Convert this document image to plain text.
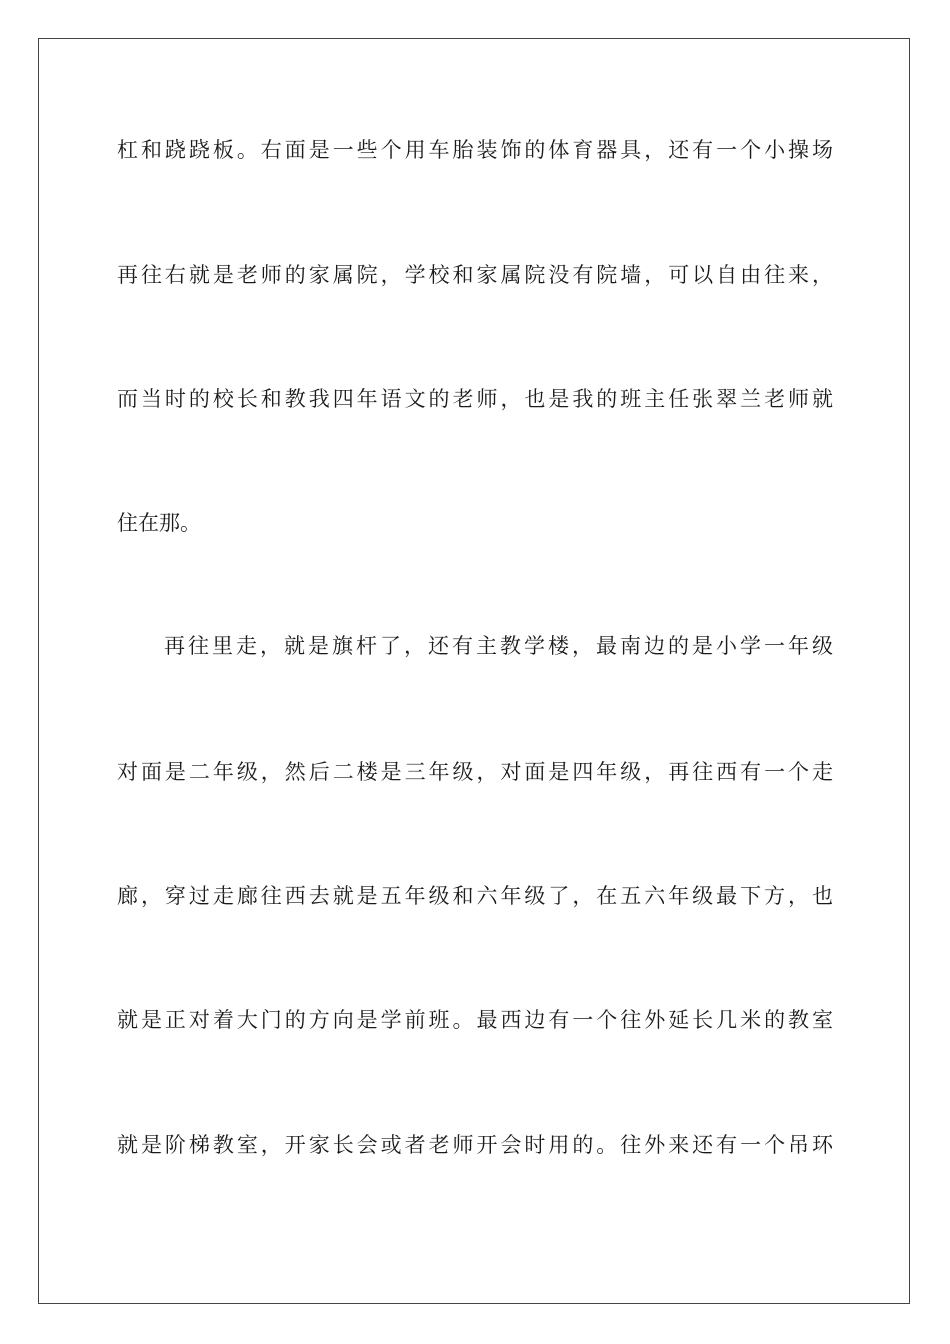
杠和跷跷板。右面是一些个用车胎装饰的体育器具，还有一个小操场
再往右就是老师的家属院，学校和家属院没有院墙，可以自由往来，
而当时的校长和教我四年语文的老师，也是我的班主任张翠兰老师就
住在那。
再往里走，就是旗杆了，还有主教学楼，最南边的是小学一年级
对面是二年级，然后二楼是三年级，对面是四年级，再往西有一个走
廊，穿过走廊往西去就是五年级和六年级了，在五六年级最下方，也
就是正对着大门的方向是学前班。最西边有一个往外延长几米的教室
就是阶梯教室，开家长会或者老师开会时用的。往外来还有一个吊环
